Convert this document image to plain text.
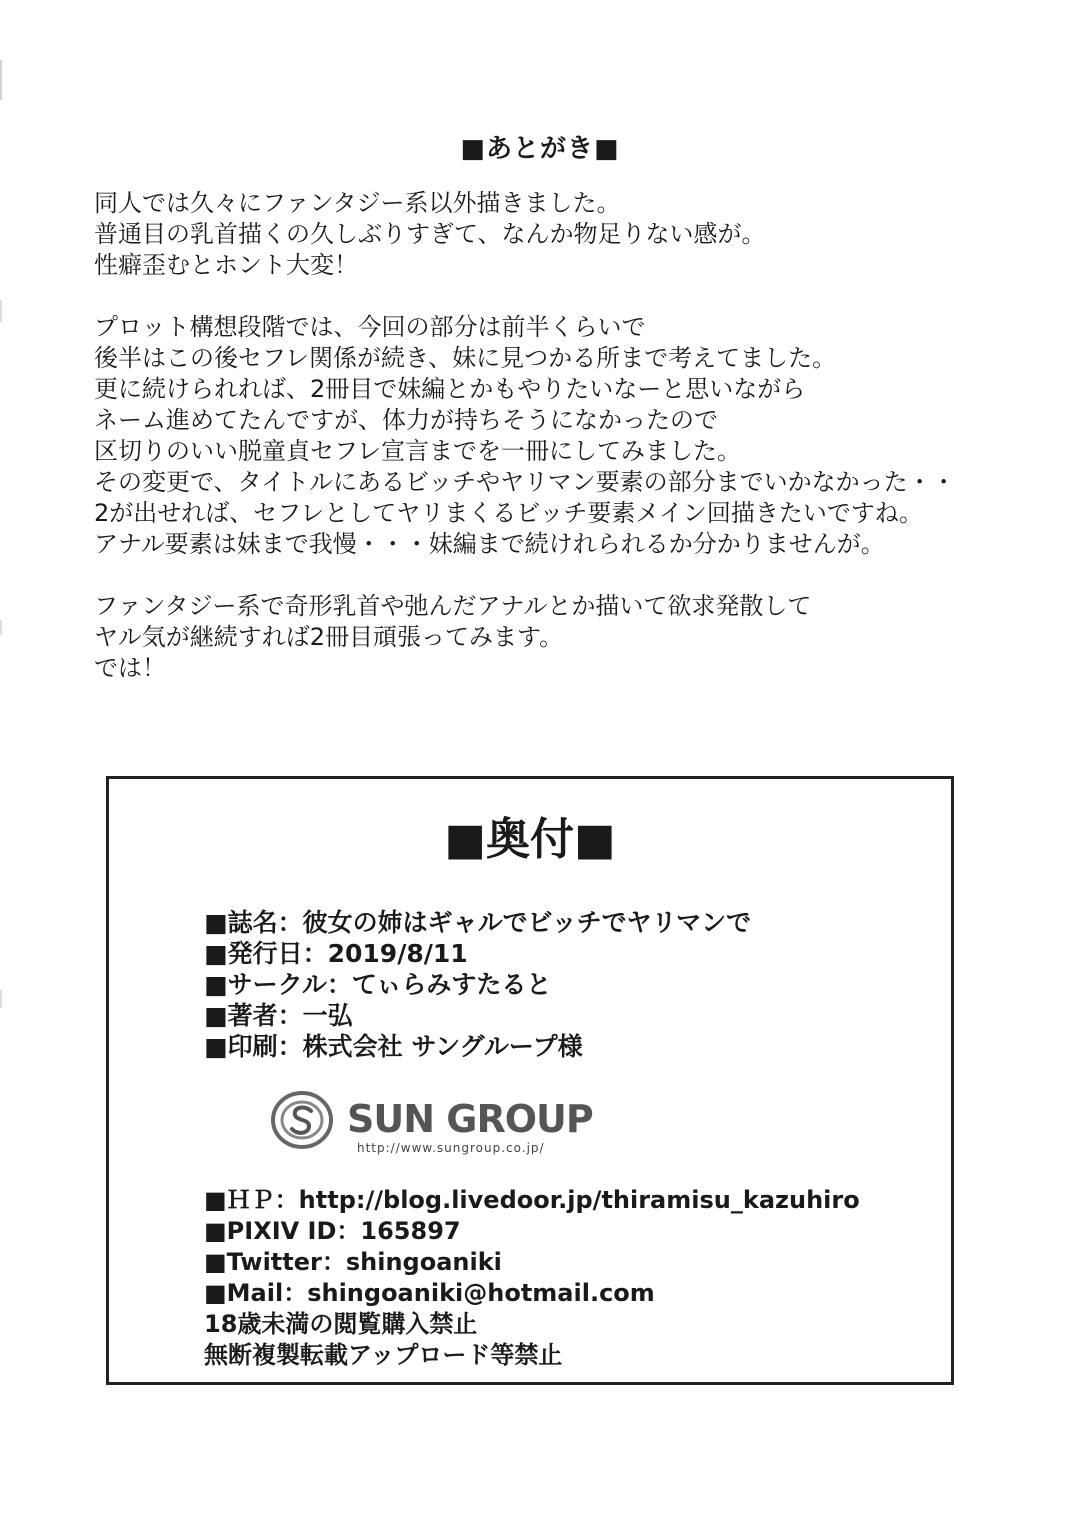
■あとがき■
同人では久々にファンタジー系以外描きました。
普通目の乳首描くの久しぶりすぎて、なんか物足りない感が。
性癖歪むとホント大変！
プロット構想段階では、今回の部分は前半くらいで
後半はこの後セフレ関係が続き、妹に見つかる所まで考えてました。
更に続けられれば、2冊目で妹編とかもやりたいなーと思いながら
ネーム進めてたんですが、体力が持ちそうになかったので
区切りのいい脱童貞セフレ宣言までを一冊にしてみました。
その変更で、タイトルにあるビッチやヤリマン要素の部分までいかなかった・・
2が出せれば、セフレとしてヤリまくるビッチ要素メイン回描きたいですね。
アナル要素は妹まで我慢・・・妹編まで続けれられるか分かりませんが。
ファンタジー系で奇形乳首や弛んだアナルとか描いて欲求発散して
ヤル気が継続すれば2冊目頑張ってみます。
では！
■奥付■
■誌名：彼女の姉はギャルでビッチでヤリマンで
■発行日：2019/8/11
■サークル：てぃらみすたると
■著者：一弘
■印刷：株式会社 サングループ様
SUN GROUP
http://www.sungroup.co.jp/
■ＨＰ：http://blog.livedoor.jp/thiramisu_kazuhiro
■PIXIV ID：165897
■Twitter：shingoaniki
■Mail：shingoaniki@hotmail.com
18歳未満の閲覧購入禁止
無断複製転載アップロード等禁止
